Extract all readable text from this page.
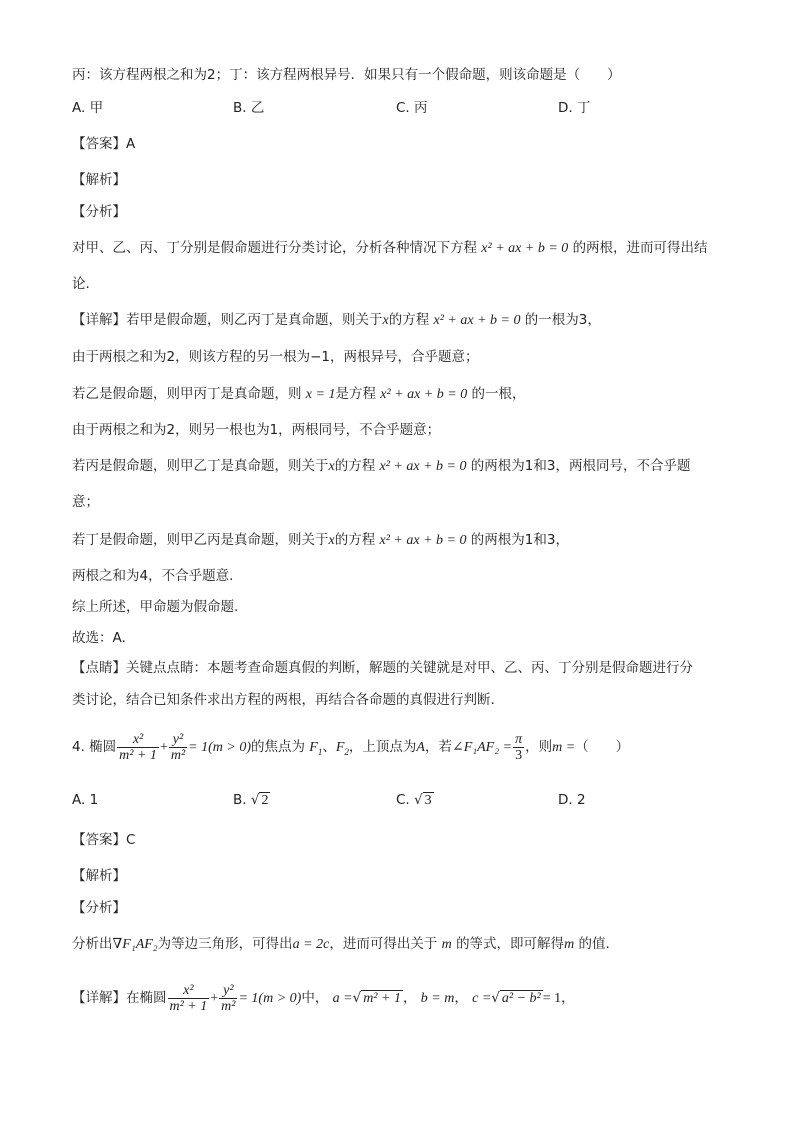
丙：该方程两根之和为2；丁：该方程两根异号．如果只有一个假命题，则该命题是（　　）
A. 甲	B. 乙	C. 丙	D. 丁
【答案】A
【解析】
【分析】
对甲、乙、丙、丁分别是假命题进行分类讨论，分析各种情况下方程 x² + ax + b = 0 的两根，进而可得出结
论.
【详解】若甲是假命题，则乙丙丁是真命题，则关于x的方程 x² + ax + b = 0 的一根为3，
由于两根之和为2，则该方程的另一根为−1，两根异号，合乎题意；
若乙是假命题，则甲丙丁是真命题，则 x = 1是方程 x² + ax + b = 0 的一根，
由于两根之和为2，则另一根也为1，两根同号，不合乎题意；
若丙是假命题，则甲乙丁是真命题，则关于x的方程 x² + ax + b = 0 的两根为1和3，两根同号，不合乎题
意；
若丁是假命题，则甲乙丙是真命题，则关于x的方程 x² + ax + b = 0 的两根为1和3，
两根之和为4，不合乎题意.
综上所述，甲命题为假命题.
故选：A.
【点睛】关键点点睛：本题考查命题真假的判断，解题的关键就是对甲、乙、丙、丁分别是假命题进行分
类讨论，结合已知条件求出方程的两根，再结合各命题的真假进行判断.
4. 椭圆 $\frac{\text{x²}}{\text{m² + 1}} + \frac{\text{y²}}{\text{m²}} = 1(m > 0)$的焦点为 $F_1$、$F_2$，上顶点为A，若∠F₁AF₂ = $\frac{\pi}{3}$ ，则m =（　　）
A. 1	B. √ 2	C. √ 3	D. 2
【答案】C
【解析】
【分析】
分析出∇F₁AF₂为等边三角形，可得出a = 2c，进而可得出关于 m 的等式，即可解得m 的值.
【详解】在椭圆 $\frac{\text{x²}}{\text{m² + 1}} + \frac{\text{y²}}{\text{m²}} = 1(m > 0)$中， a =√ m² + 1 ， b = m， c =√ a² − b² = 1，
